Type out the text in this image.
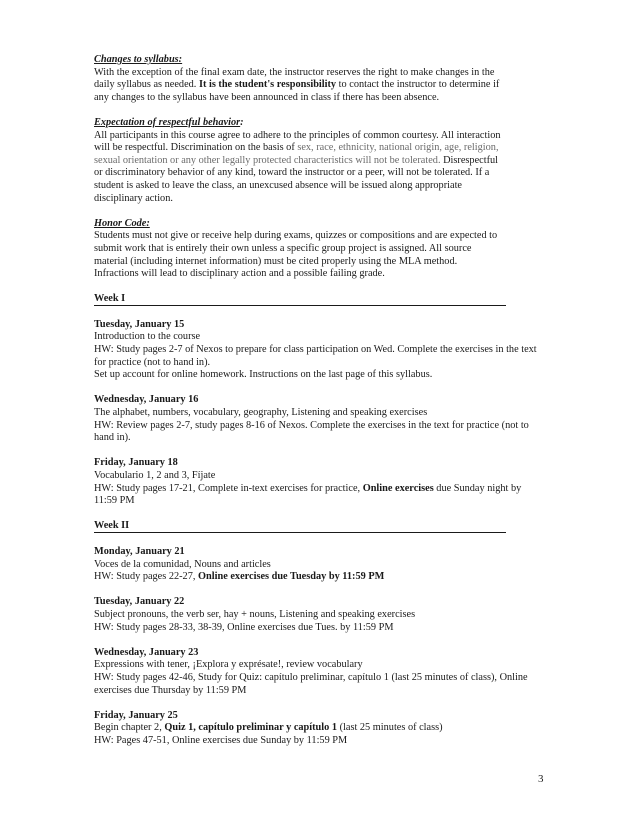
Changes to syllabus:
With the exception of the final exam date, the instructor reserves the right to make changes in the
daily syllabus as needed. It is the student's responsibility to contact the instructor to determine if
any changes to the syllabus have been announced in class if there has been absence.
Expectation of respectful behavior:
All participants in this course agree to adhere to the principles of common courtesy. All interaction
will be respectful. Discrimination on the basis of sex, race, ethnicity, national origin, age, religion,
sexual orientation or any other legally protected characteristics will not be tolerated. Disrespectful
or discriminatory behavior of any kind, toward the instructor or a peer, will not be tolerated. If a
student is asked to leave the class, an unexcused absence will be issued along appropriate
disciplinary action.
Honor Code:
Students must not give or receive help during exams, quizzes or compositions and are expected to
submit work that is entirely their own unless a specific group project is assigned. All source
material (including internet information) must be cited properly using the MLA method.
Infractions will lead to disciplinary action and a possible failing grade.
Week I
Tuesday, January 15
Introduction to the course
HW: Study pages 2-7 of Nexos to prepare for class participation on Wed. Complete the exercises in the text
for practice (not to hand in).
Set up account for online homework. Instructions on the last page of this syllabus.
Wednesday, January 16
The alphabet, numbers, vocabulary, geography, Listening and speaking exercises
HW: Review pages 2-7, study pages 8-16 of Nexos. Complete the exercises in the text for practice (not to
hand in).
Friday, January 18
Vocabulario 1, 2 and 3, Fíjate
HW: Study pages 17-21, Complete in-text exercises for practice, Online exercises due Sunday night by
11:59 PM
Week II
Monday, January 21
Voces de la comunidad, Nouns and articles
HW: Study pages 22-27, Online exercises due Tuesday by 11:59 PM
Tuesday, January 22
Subject pronouns, the verb ser, hay + nouns, Listening and speaking exercises
HW: Study pages 28-33, 38-39, Online exercises due Tues. by 11:59 PM
Wednesday, January 23
Expressions with tener, ¡Explora y exprésate!, review vocabulary
HW: Study pages 42-46, Study for Quiz: capítulo preliminar, capítulo 1 (last 25 minutes of class), Online
exercises due Thursday by 11:59 PM
Friday, January 25
Begin chapter 2, Quiz 1, capítulo preliminar y capítulo 1 (last 25 minutes of class)
HW: Pages 47-51, Online exercises due Sunday by 11:59 PM
3
